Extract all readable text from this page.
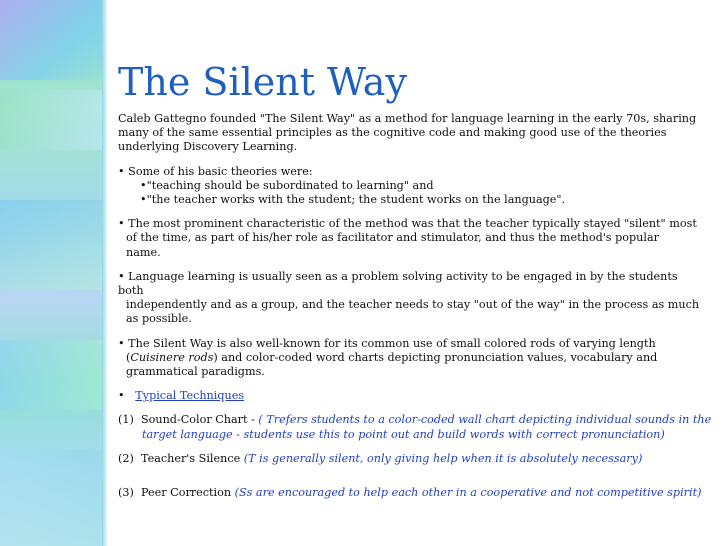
The Silent Way
Caleb Gattegno founded "The Silent Way" as a method for language learning in the early 70s, sharing
many of the same essential principles as the cognitive code and making good use of the theories
underlying Discovery Learning.
• Some of his basic theories were:
•"teaching should be subordinated to learning" and
•"the teacher works with the student; the student works on the language".
• The most prominent characteristic of the method was that the teacher typically stayed "silent" most
of the time, as part of his/her role as facilitator and stimulator, and thus the method's popular
name.
• Language learning is usually seen as a problem solving activity to be engaged in by the students
both
independently and as a group, and the teacher needs to stay "out of the way" in the process as much
as possible.
• The Silent Way is also well-known for its common use of small colored rods of varying length
(Cuisinere rods) and color-coded word charts depicting pronunciation values, vocabulary and
grammatical paradigms.
• Typical Techniques
(1) Sound-Color Chart - ( Trefers students to a color-coded wall chart depicting individual sounds in the
target language - students use this to point out and build words with correct pronunciation)
(2) Teacher's Silence (T is generally silent, only giving help when it is absolutely necessary)
(3) Peer Correction (Ss are encouraged to help each other in a cooperative and not competitive spirit)
